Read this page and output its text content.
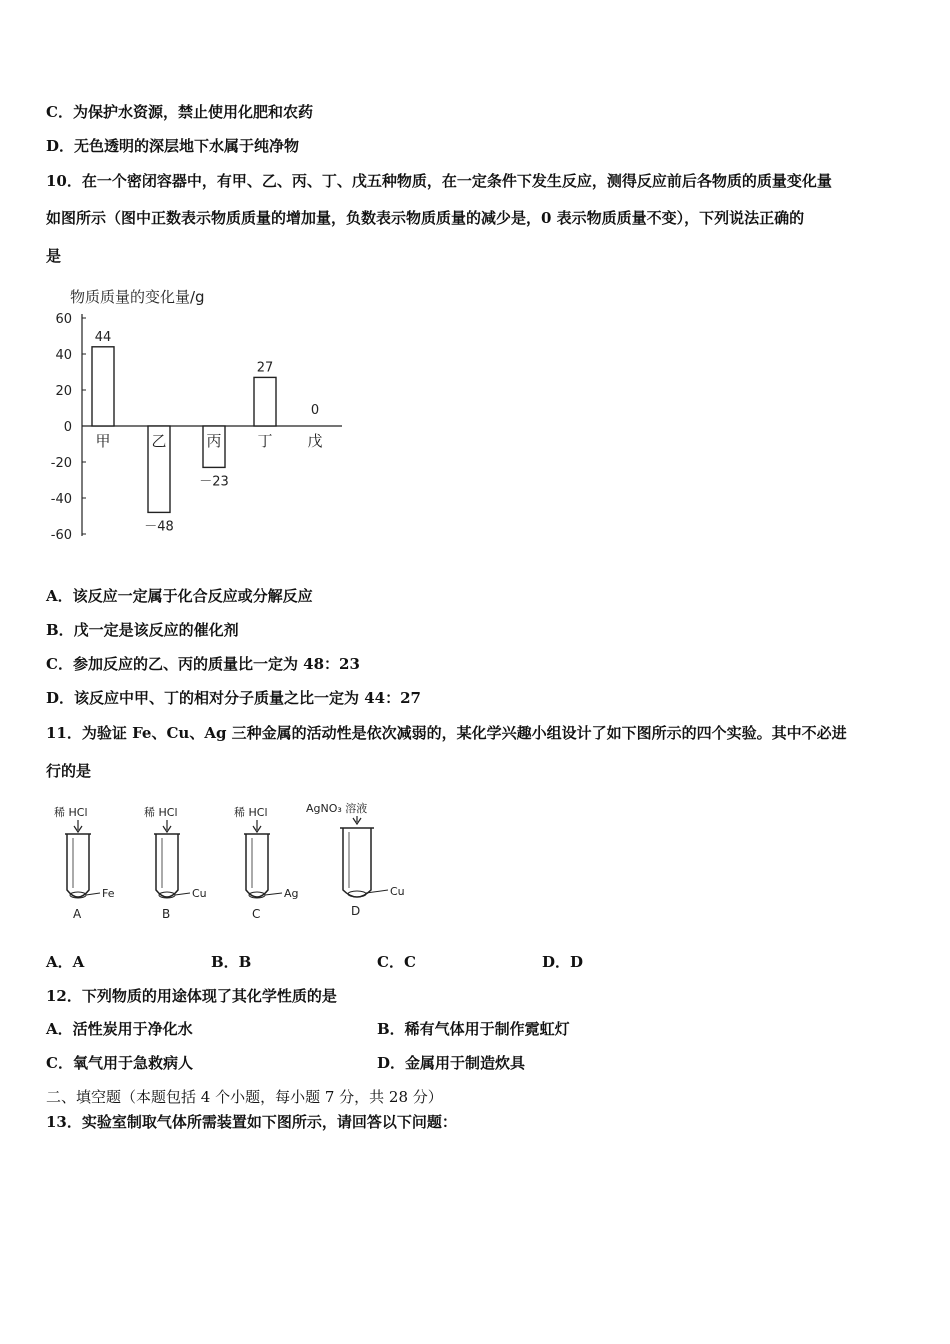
C．为保护水资源，禁止使用化肥和农药
D．无色透明的深层地下水属于纯净物
10．在一个密闭容器中，有甲、乙、丙、丁、戊五种物质，在一定条件下发生反应，测得反应前后各物质的质量变化量
如图所示（图中正数表示物质质量的增加量，负数表示物质质量的减少是，0 表示物质质量不变），下列说法正确的
是
物质质量的变化量/g
60
40
20
0
-20
-40
-60
44
甲
－48
乙
－23
丙
27
丁
0
戊
A．该反应一定属于化合反应或分解反应
B．戊一定是该反应的催化剂
C．参加反应的乙、丙的质量比一定为 48：23
D．该反应中甲、丁的相对分子质量之比一定为 44：27
11．为验证 Fe、Cu、Ag 三种金属的活动性是依次减弱的，某化学兴趣小组设计了如下图所示的四个实验。其中不必进
行的是
稀 HCl
Fe
A
稀 HCl
Cu
B
稀 HCl
Ag
C
AgNO₃ 溶液
Cu
D
A．A	B．B	C．C	D．D
12．下列物质的用途体现了其化学性质的是
A．活性炭用于净化水	B．稀有气体用于制作霓虹灯
C．氧气用于急救病人	D．金属用于制造炊具
二、填空题（本题包括 4 个小题，每小题 7 分，共 28 分）
13．实验室制取气体所需装置如下图所示，请回答以下问题：
